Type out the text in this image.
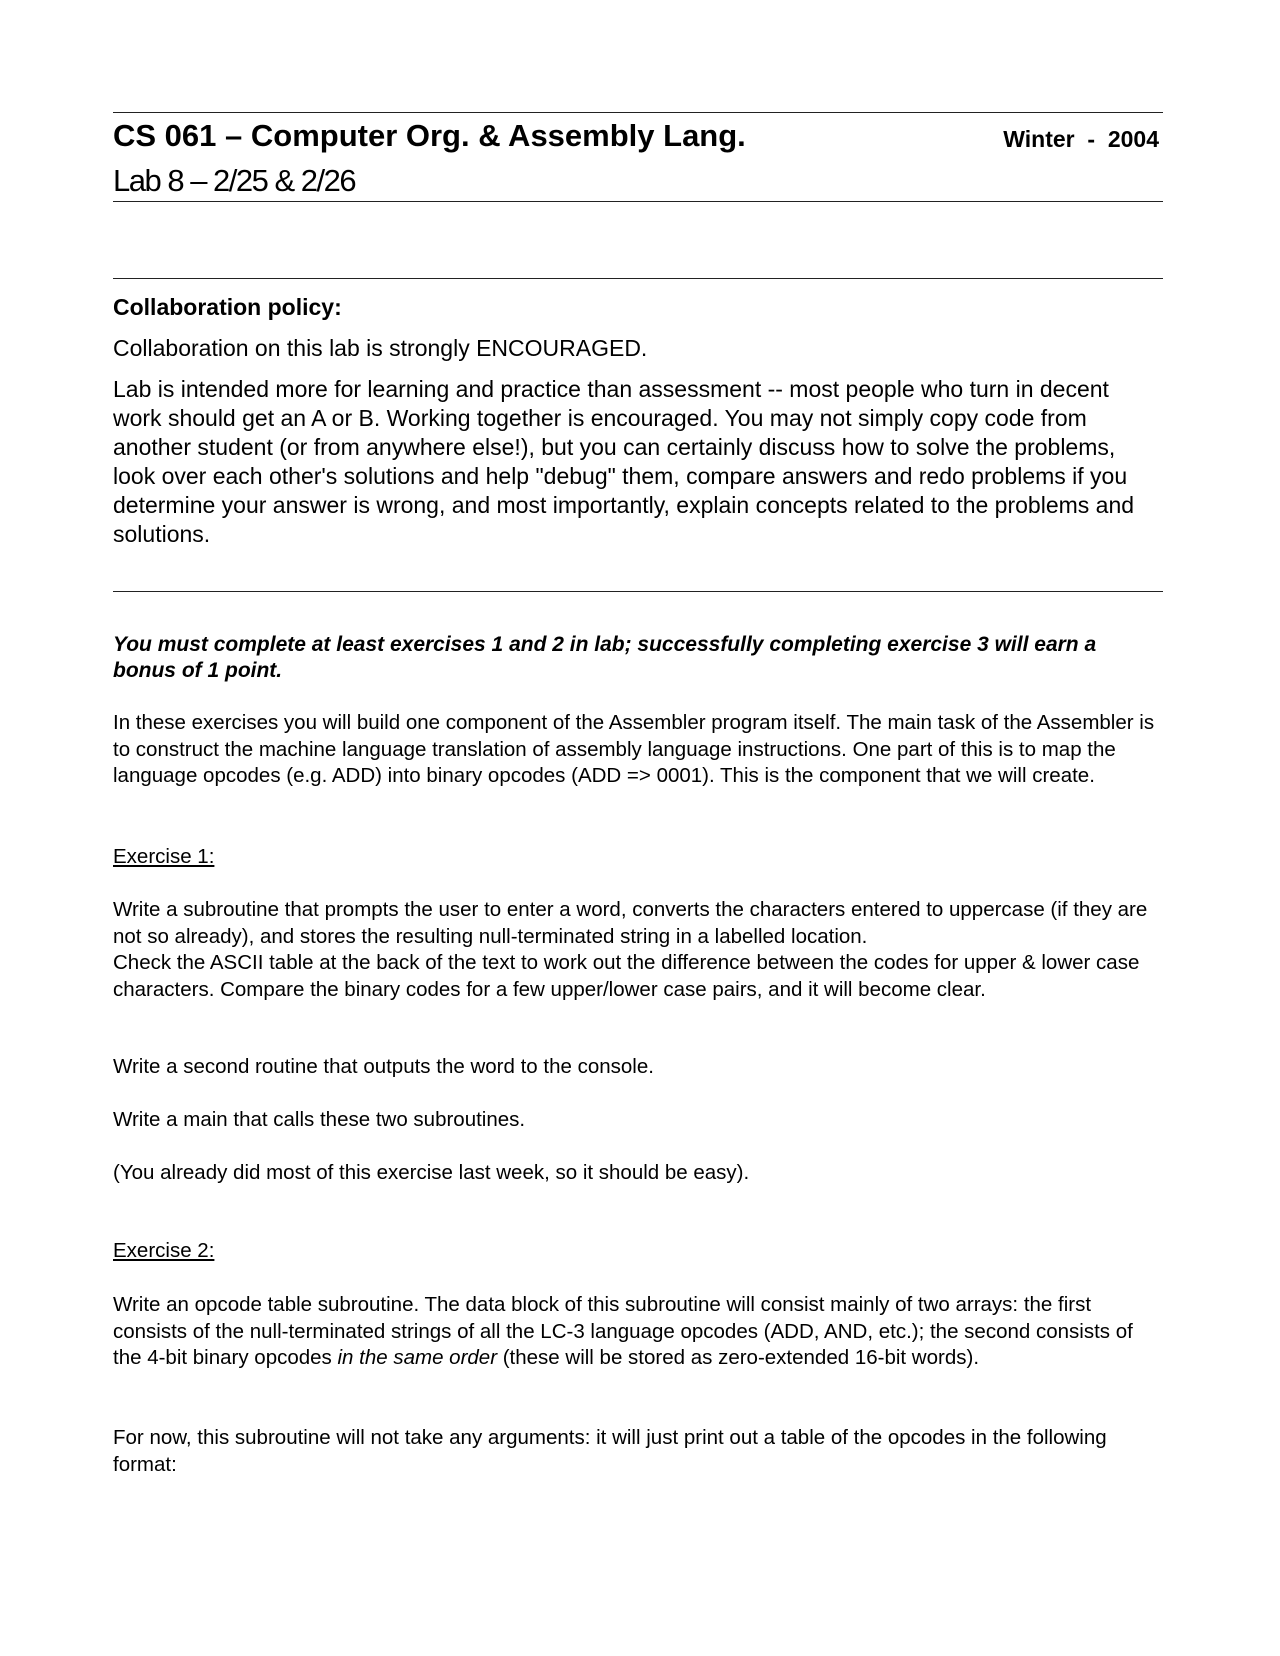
CS 061 – Computer Org. & Assembly Lang.	Winter  -  2004
Lab 8 – 2/25 & 2/26
Collaboration policy:
Collaboration on this lab is strongly ENCOURAGED.
Lab is intended more for learning and practice than assessment -- most people who turn in decent work should get an A or B. Working together is encouraged. You may not simply copy code from another student (or from anywhere else!), but you can certainly discuss how to solve the problems, look over each other's solutions and help "debug" them, compare answers and redo problems if you determine your answer is wrong, and most importantly, explain concepts related to the problems and solutions.
You must complete at least exercises 1 and 2 in lab; successfully completing exercise 3 will earn a bonus of 1 point.
In these exercises you will build one component of the Assembler program itself. The main task of the Assembler is to construct the machine language translation of assembly language instructions. One part of this is to map the language opcodes (e.g. ADD) into binary opcodes (ADD => 0001). This is the component that we will create.
Exercise 1:
Write a subroutine that prompts the user to enter a word, converts the characters entered to uppercase (if they are not so already), and stores the resulting null-terminated string in a labelled location.
Check the ASCII table at the back of the text to work out the difference between the codes for upper & lower case characters. Compare the binary codes for a few upper/lower case pairs, and it will become clear.
Write a second routine that outputs the word to the console.
Write a main that calls these two subroutines.
(You already did most of this exercise last week, so it should be easy).
Exercise 2:
Write an opcode table subroutine. The data block of this subroutine will consist mainly of two arrays: the first consists of the null-terminated strings of all the LC-3 language opcodes (ADD, AND, etc.); the second consists of the 4-bit binary opcodes in the same order (these will be stored as zero-extended 16-bit words).
For now, this subroutine will not take any arguments: it will just print out a table of the opcodes in the following format:
